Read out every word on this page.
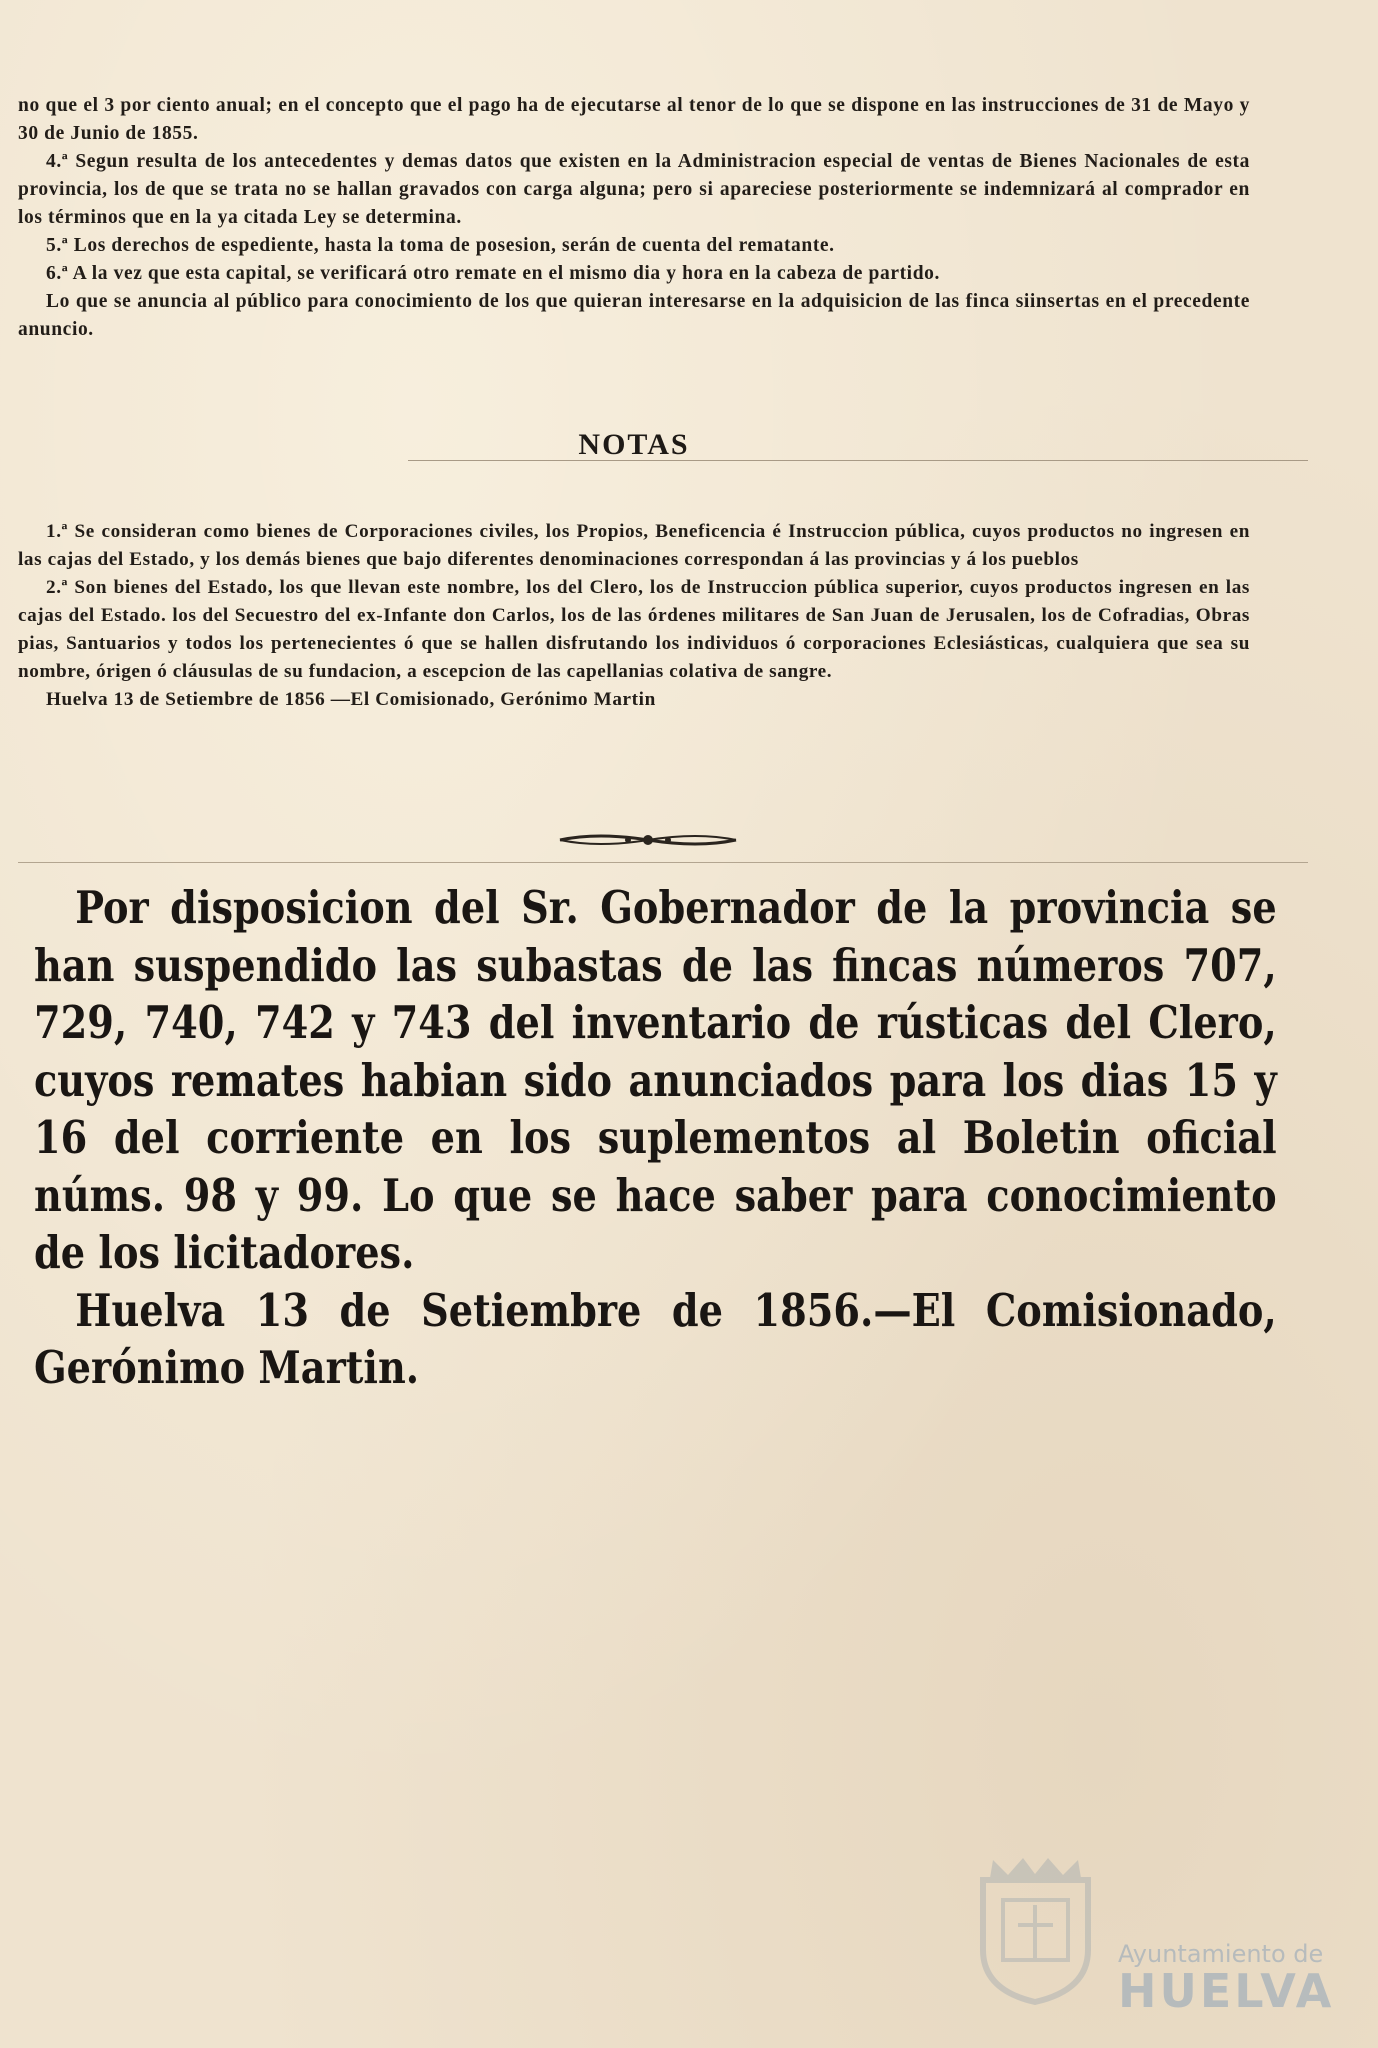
no que el 3 por ciento anual; en el concepto que el pago ha de ejecutarse al tenor de lo que se dispone en las instrucciones de 31 de Mayo y 30 de Junio de 1855.

4.ª Segun resulta de los antecedentes y demas datos que existen en la Administracion especial de ventas de Bienes Nacionales de esta provincia, los de que se trata no se hallan gravados con carga alguna; pero si apareciese posteriormente se indemnizará al comprador en los términos que en la ya citada Ley se determina.

5.ª Los derechos de espediente, hasta la toma de posesion, serán de cuenta del rematante.

6.ª A la vez que esta capital, se verificará otro remate en el mismo dia y hora en la cabeza de partido.

Lo que se anuncia al público para conocimiento de los que quieran interesarse en la adquisicion de las finca siinsertas en el precedente anuncio.

NOTAS

1.ª Se consideran como bienes de Corporaciones civiles, los Propios, Beneficencia é Instruccion pública, cuyos productos no ingresen en las cajas del Estado, y los demás bienes que bajo diferentes denominaciones correspondan á las provincias y á los pueblos

2.ª Son bienes del Estado, los que llevan este nombre, los del Clero, los de Instruccion pública superior, cuyos productos ingresen en las cajas del Estado. los del Secuestro del ex-Infante don Carlos, los de las órdenes militares de San Juan de Jerusalen, los de Cofradias, Obras pias, Santuarios y todos los pertenecientes ó que se hallen disfrutando los individuos ó corporaciones Eclesiásticas, cualquiera que sea su nombre, órigen ó cláusulas de su fundacion, a escepcion de las capellanias colativa de sangre.

Huelva 13 de Setiembre de 1856 —El Comisionado, Gerónimo Martin

Por disposicion del Sr. Gobernador de la provincia se han suspendido las subastas de las fincas números 707, 729, 740, 742 y 743 del inventario de rústicas del Clero, cuyos remates habian sido anunciados para los dias 15 y 16 del corriente en los suplementos al Boletin oficial núms. 98 y 99. Lo que se hace saber para conocimiento de los licitadores.

Huelva 13 de Setiembre de 1856.—El Comisionado, Gerónimo Martin.

Ayuntamiento de
HUELVA
